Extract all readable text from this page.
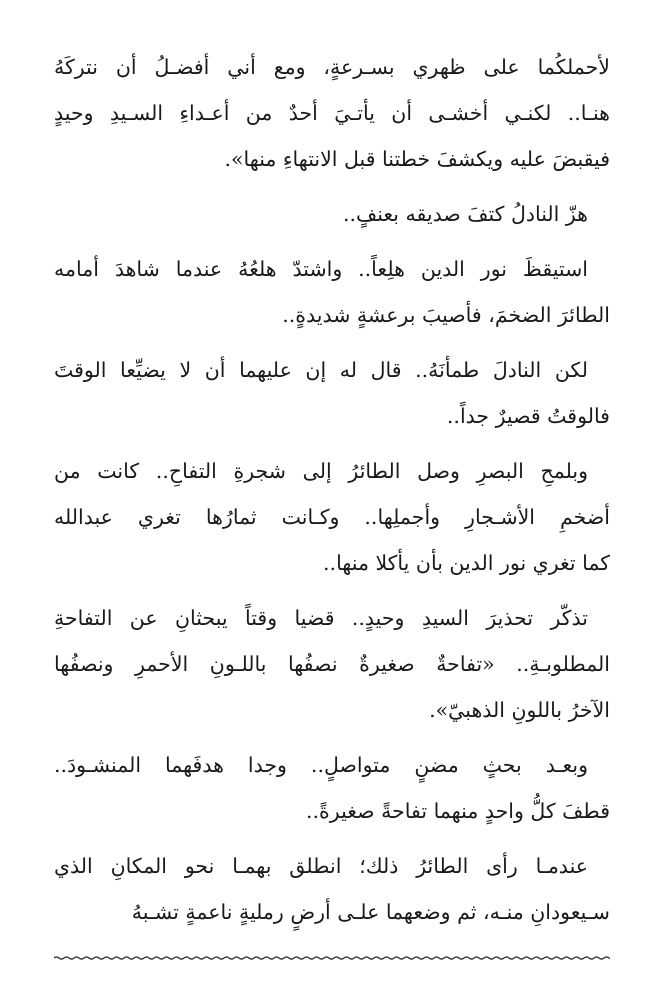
لأحملكُما على ظهري بسـرعةٍ، ومع أني أفضـلُ أن نتركَهُ
هنـا.. لكنـي أخشـى أن يأتـيَ أحدٌ من أعـداءِ السـيدِ وحيدٍ
فيقبضَ عليه ويكشفَ خطتنا قبل الانتهاءِ منها».
هزّ النادلُ كتفَ صديقه بعنفٍ..
استيقظَ نور الدين هلِعاً.. واشتدّ هلعُهُ عندما شاهدَ أمامه
الطائرَ الضخمَ، فأصيبَ برعشةٍ شديدةٍ..
لكن النادلَ طمأنَهُ.. قال له إن عليهما أن لا يضيِّعا الوقتَ
فالوقتُ قصيرٌ جداً..
وبلمحِ البصرِ وصل الطائرُ إلى شجرةِ التفاحِ.. كانت من
أضخمِ الأشـجارِ وأجملِها.. وكـانت ثمارُها تغري عبدالله
كما تغري نور الدين بأن يأكلا منها..
تذكّر تحذيرَ السيدِ وحيدٍ.. قضيا وقتاً يبحثانِ عن التفاحةِ
المطلوبـةِ.. «تفاحةٌ صغيرةٌ نصفُها باللـونِ الأحمرِ ونصفُها
الآخرُ باللونِ الذهبيّ».
وبعـد بحثٍ مضنٍ متواصلٍ.. وجدا هدفَهما المنشـودَ..
قطفَ كلُّ واحدٍ منهما تفاحةً صغيرةً..
عندمـا رأى الطائرُ ذلك؛ انطلق بهمـا نحو المكانِ الذي
سـيعودانِ منـه، ثم وضعهما علـى أرضٍ رمليةٍ ناعمةٍ تشـبهُ
